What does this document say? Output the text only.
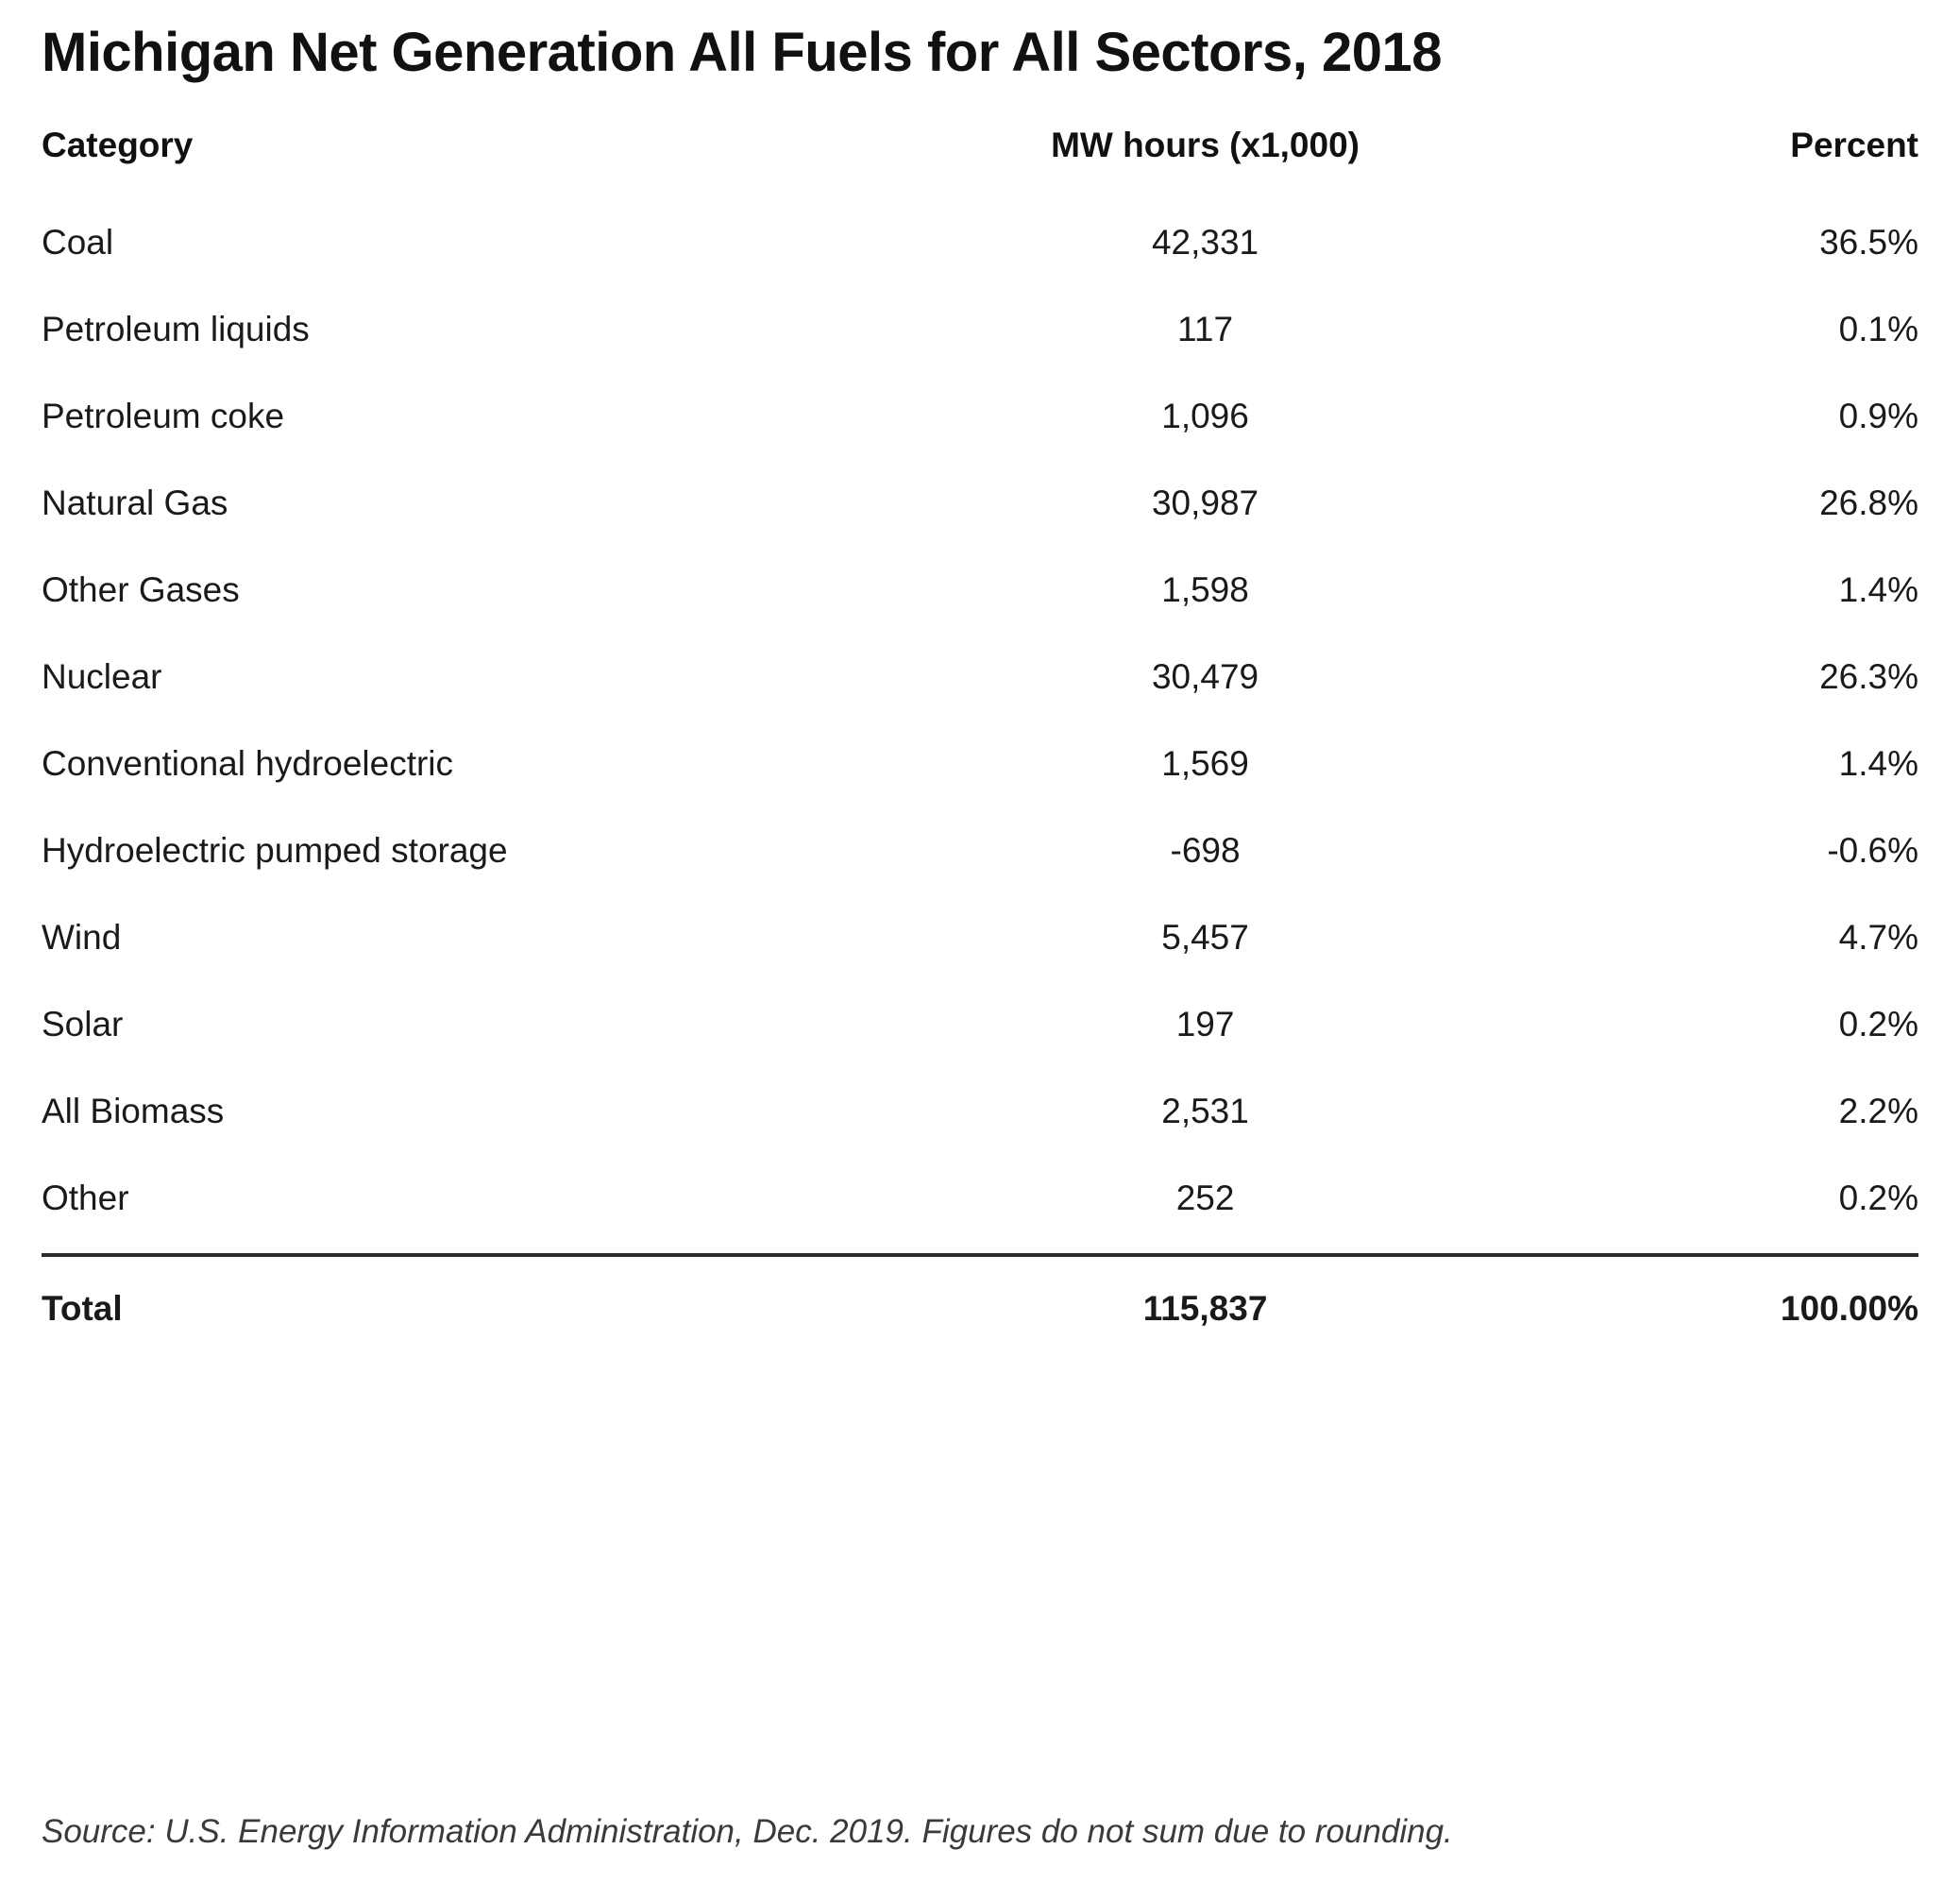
Michigan Net Generation All Fuels for All Sectors, 2018
Category	MW hours (x1,000)	Percent
Coal	42,331	36.5%
Petroleum liquids	117	0.1%
Petroleum coke	1,096	0.9%
Natural Gas	30,987	26.8%
Other Gases	1,598	1.4%
Nuclear	30,479	26.3%
Conventional hydroelectric	1,569	1.4%
Hydroelectric pumped storage	-698	-0.6%
Wind	5,457	4.7%
Solar	197	0.2%
All Biomass	2,531	2.2%
Other	252	0.2%
Total	115,837	100.00%
Source: U.S. Energy Information Administration, Dec. 2019. Figures do not sum due to rounding.
